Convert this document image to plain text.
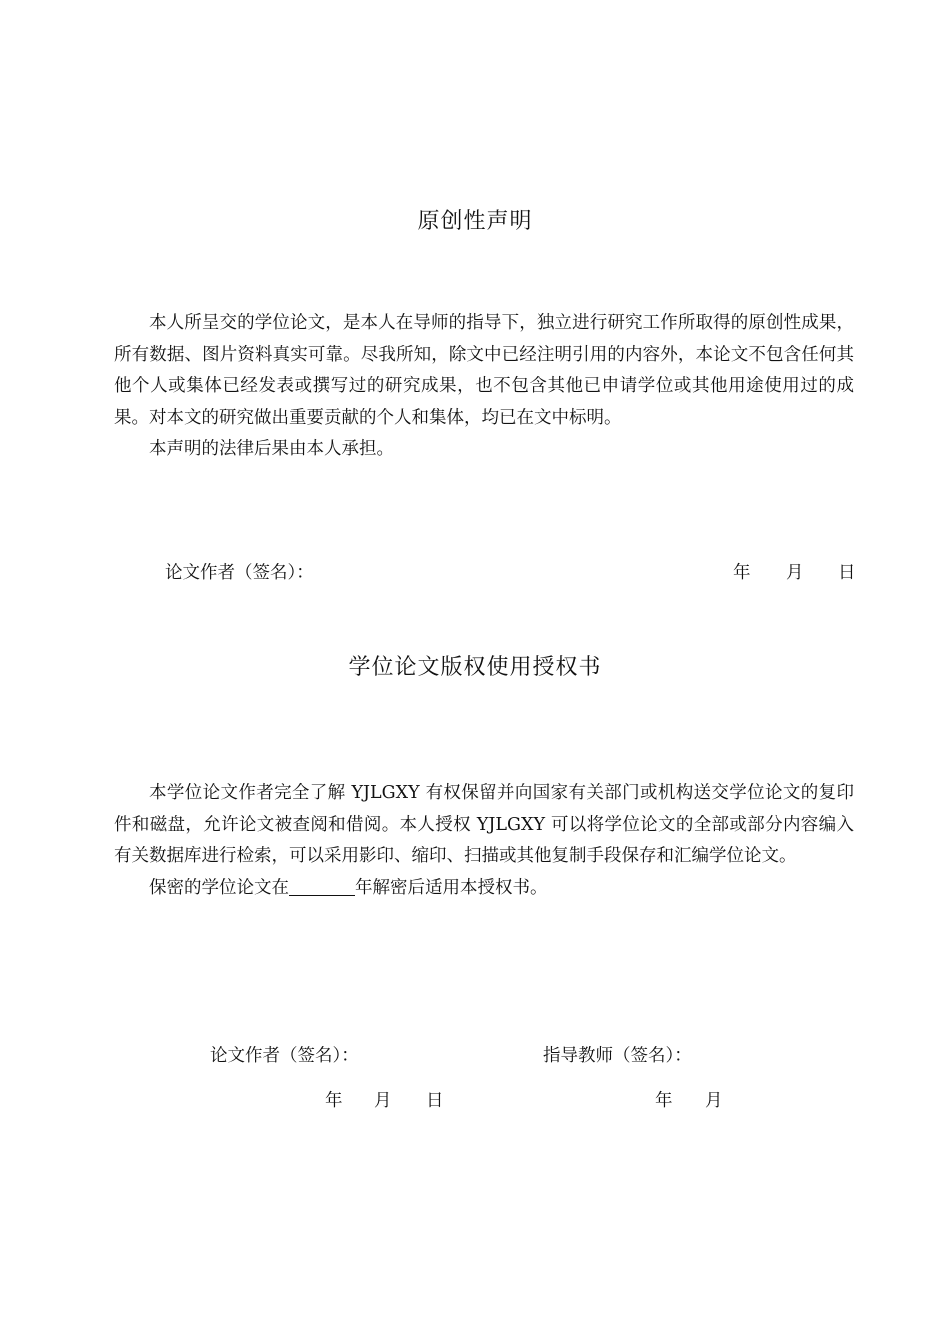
原创性声明

本人所呈交的学位论文，是本人在导师的指导下，独立进行研究工作所取得的原创性成果，所有数据、图片资料真实可靠。尽我所知，除文中已经注明引用的内容外，本论文不包含任何其他个人或集体已经发表或撰写过的研究成果，也不包含其他已申请学位或其他用途使用过的成果。对本文的研究做出重要贡献的个人和集体，均已在文中标明。

本声明的法律后果由本人承担。

论文作者（签名）：	年 月 日
学位论文版权使用授权书

本学位论文作者完全了解 YJLGXY 有权保留并向国家有关部门或机构送交学位论文的复印件和磁盘，允许论文被查阅和借阅。本人授权 YJLGXY 可以将学位论文的全部或部分内容编入有关数据库进行检索，可以采用影印、缩印、扫描或其他复制手段保存和汇编学位论文。

保密的学位论文在	年解密后适用本授权书。

论文作者（签名）：	指导教师（签名）：
年 月 日	年 月
